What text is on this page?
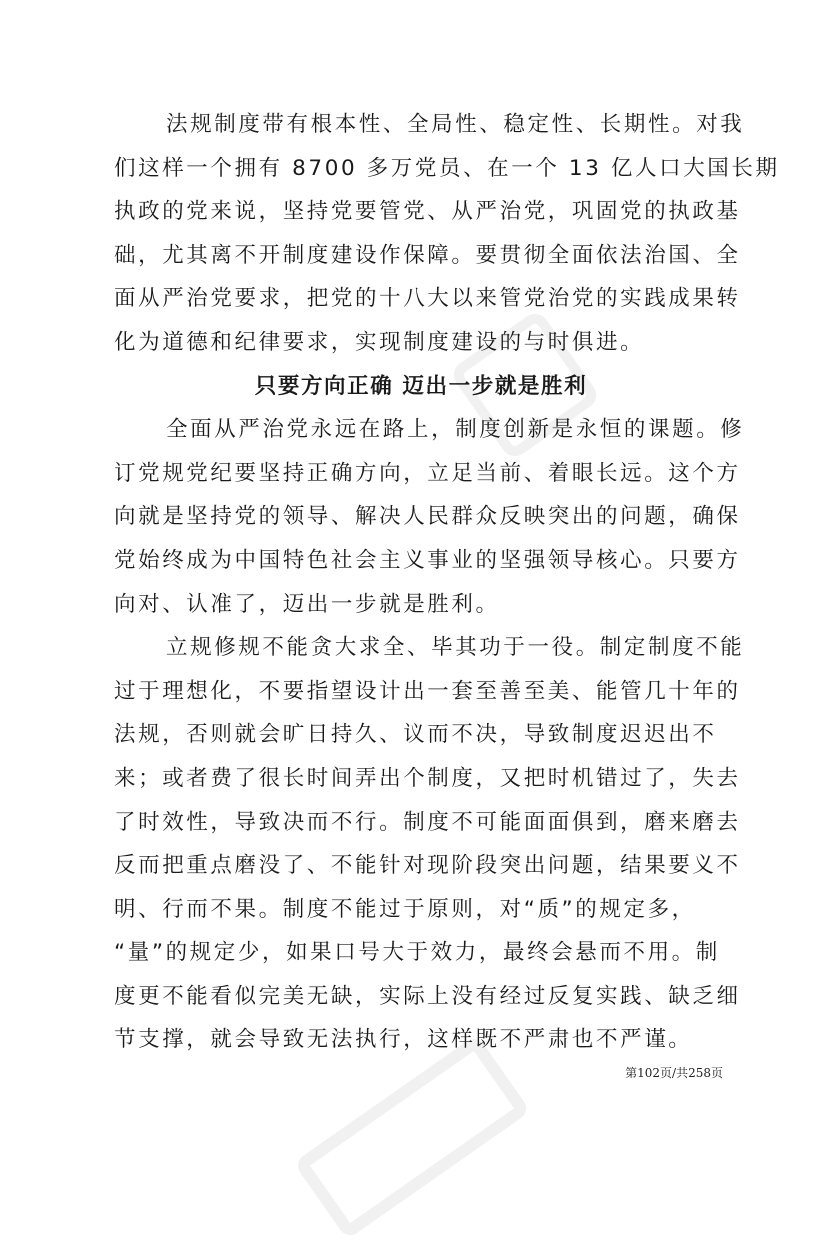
法规制度带有根本性、全局性、稳定性、长期性。对我
们这样一个拥有 8700 多万党员、在一个 13 亿人口大国长期
执政的党来说，坚持党要管党、从严治党，巩固党的执政基
础，尤其离不开制度建设作保障。要贯彻全面依法治国、全
面从严治党要求，把党的十八大以来管党治党的实践成果转
化为道德和纪律要求，实现制度建设的与时俱进。
只要方向正确 迈出一步就是胜利
全面从严治党永远在路上，制度创新是永恒的课题。修
订党规党纪要坚持正确方向，立足当前、着眼长远。这个方
向就是坚持党的领导、解决人民群众反映突出的问题，确保
党始终成为中国特色社会主义事业的坚强领导核心。只要方
向对、认准了，迈出一步就是胜利。
立规修规不能贪大求全、毕其功于一役。制定制度不能
过于理想化，不要指望设计出一套至善至美、能管几十年的
法规，否则就会旷日持久、议而不决，导致制度迟迟出不
来；或者费了很长时间弄出个制度，又把时机错过了，失去
了时效性，导致决而不行。制度不可能面面俱到，磨来磨去
反而把重点磨没了、不能针对现阶段突出问题，结果要义不
明、行而不果。制度不能过于原则，对“质”的规定多，
“量”的规定少，如果口号大于效力，最终会悬而不用。制
度更不能看似完美无缺，实际上没有经过反复实践、缺乏细
节支撑，就会导致无法执行，这样既不严肃也不严谨。
第102页/共258页
